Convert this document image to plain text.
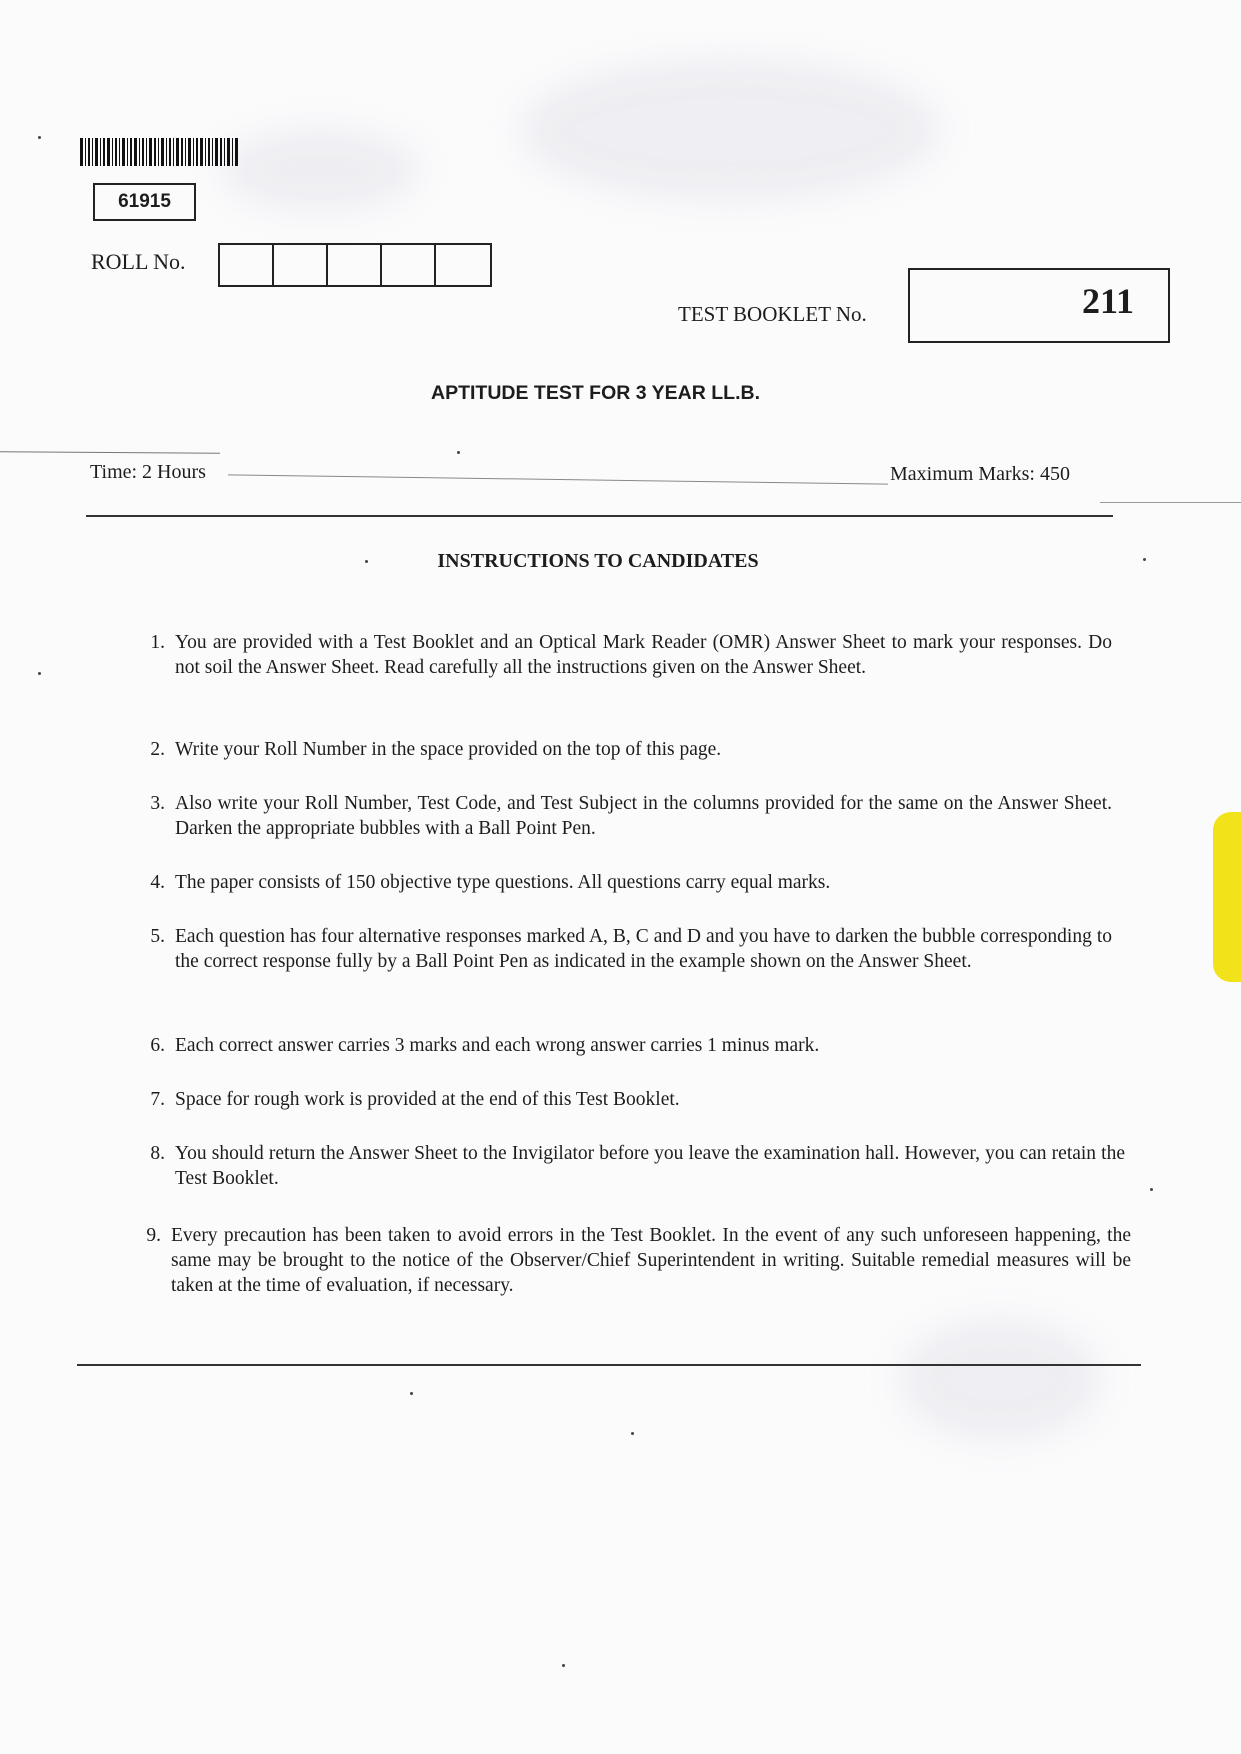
61915
ROLL No.
TEST BOOKLET No.	211
APTITUDE TEST FOR 3 YEAR LL.B.
Time: 2 Hours	Maximum Marks: 450
INSTRUCTIONS TO CANDIDATES
1. You are provided with a Test Booklet and an Optical Mark Reader (OMR) Answer Sheet to mark your responses. Do not soil the Answer Sheet. Read carefully all the instructions given on the Answer Sheet.
2. Write your Roll Number in the space provided on the top of this page.
3. Also write your Roll Number, Test Code, and Test Subject in the columns provided for the same on the Answer Sheet. Darken the appropriate bubbles with a Ball Point Pen.
4. The paper consists of 150 objective type questions. All questions carry equal marks.
5. Each question has four alternative responses marked A, B, C and D and you have to darken the bubble corresponding to the correct response fully by a Ball Point Pen as indicated in the example shown on the Answer Sheet.
6. Each correct answer carries 3 marks and each wrong answer carries 1 minus mark.
7. Space for rough work is provided at the end of this Test Booklet.
8. You should return the Answer Sheet to the Invigilator before you leave the examination hall. However, you can retain the Test Booklet.
9. Every precaution has been taken to avoid errors in the Test Booklet. In the event of any such unforeseen happening, the same may be brought to the notice of the Observer/Chief Superintendent in writing. Suitable remedial measures will be taken at the time of evaluation, if necessary.
